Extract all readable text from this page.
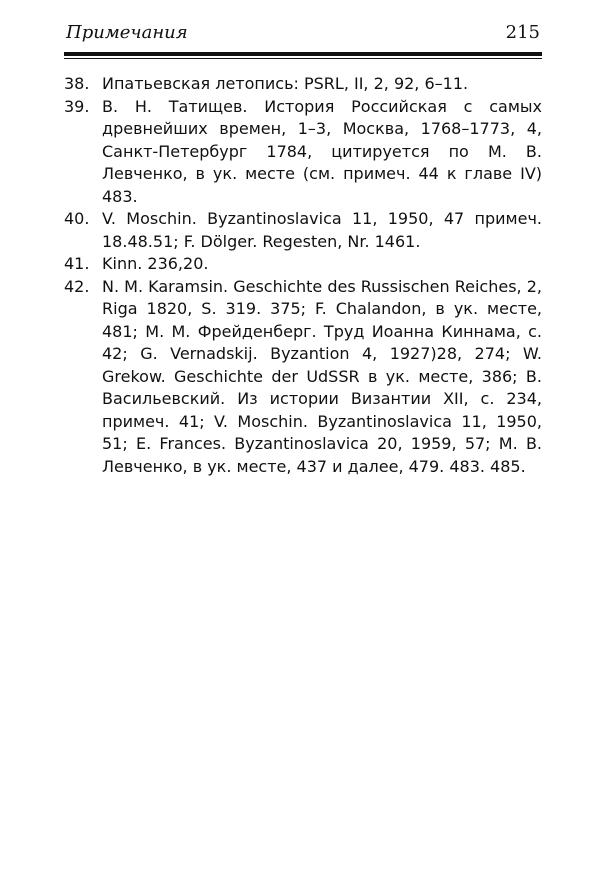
Примечания	215
38. Ипатьевская летопись: PSRL, II, 2, 92, 6–11.
39. В. Н. Татищев. История Российская с самых древнейших времен, 1–3, Москва, 1768–1773, 4, Санкт-Петербург 1784, цитируется по М. В. Левченко, в ук. месте (см. примеч. 44 к главе IV) 483.
40. V. Moschin. Byzantinoslavica 11, 1950, 47 примеч. 18.48.51; F. Dölger. Regesten, Nr. 1461.
41. Kinn. 236,20.
42. N. M. Karamsin. Geschichte des Russischen Reiches, 2, Riga 1820, S. 319. 375; F. Chalandon, в ук. месте, 481; М. М. Фрейденберг. Труд Иоанна Киннама, с. 42; G. Vernadskij. Byzantion 4, 1927)28, 274; W. Grekow. Geschichte der UdSSR в ук. месте, 386; В. Васильевский. Из истории Византии XII, с. 234, примеч. 41; V. Moschin. Byzantinoslavica 11, 1950, 51; E. Frances. Byzantinoslavica 20, 1959, 57; М. В. Левченко, в ук. месте, 437 и далее, 479. 483. 485.
